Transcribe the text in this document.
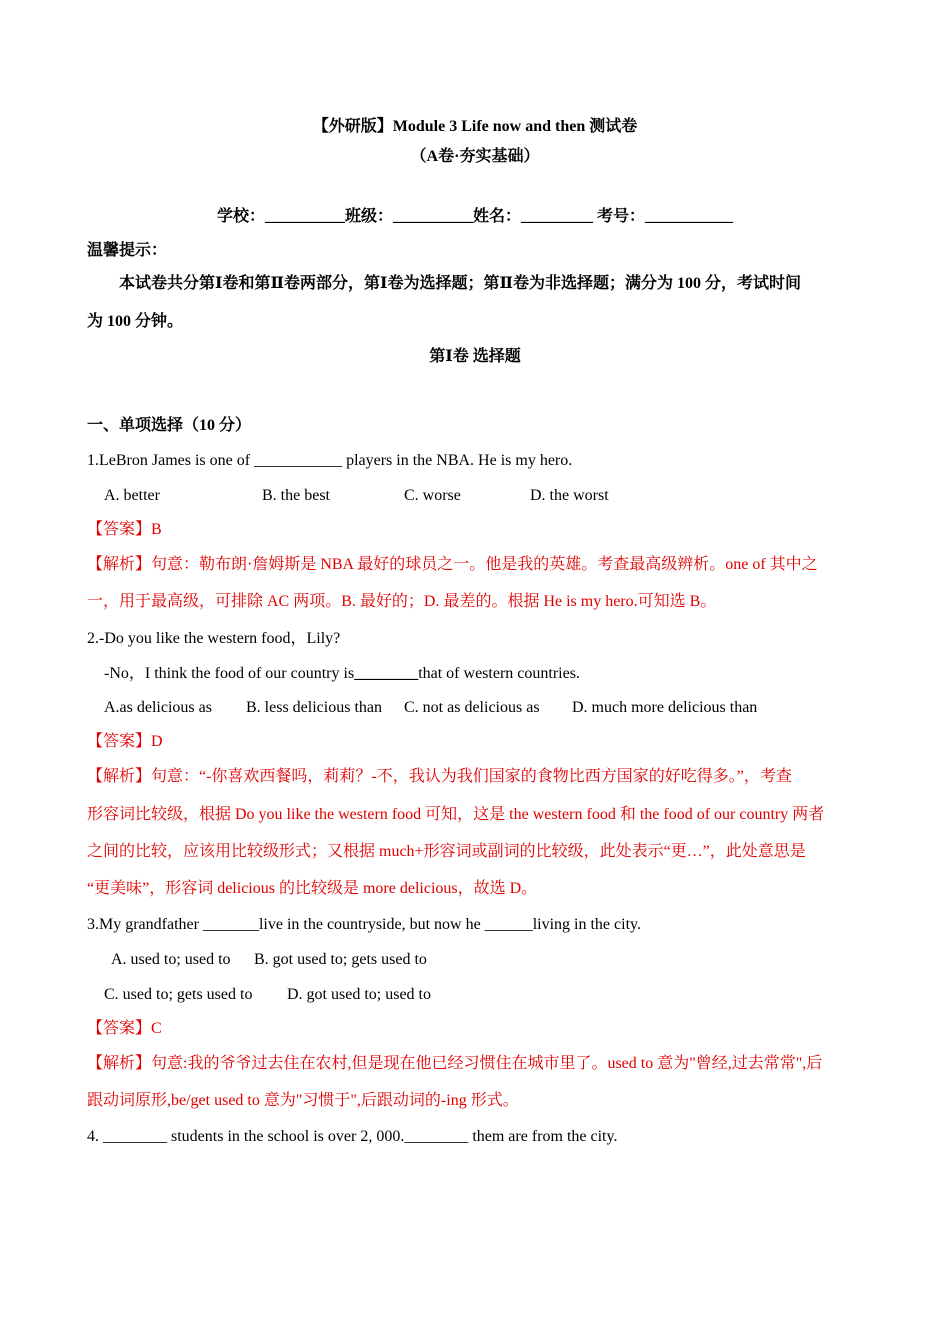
【外研版】Module 3 Life now and then 测试卷
（A卷·夯实基础）
学校：__________班级：__________姓名：_________ 考号：___________
温馨提示：
本试卷共分第Ⅰ卷和第Ⅱ卷两部分，第Ⅰ卷为选择题；第Ⅱ卷为非选择题；满分为 100 分，考试时间
为 100 分钟。
第Ⅰ卷 选择题
一、单项选择（10 分）
1.LeBron James is one of ___________ players in the NBA. He is my hero.
A. better	B. the best	C. worse	D. the worst
【答案】B
【解析】句意：勒布朗·詹姆斯是 NBA 最好的球员之一。他是我的英雄。考查最高级辨析。one of 其中之
一，用于最高级，可排除 AC 两项。B. 最好的；D. 最差的。根据 He is my hero.可知选 B。
2.-Do you like the western food，Lily?
-No，I think the food of our country is________that of western countries.
A.as delicious as B. less delicious than C. not as delicious as D. much more delicious than
【答案】D
【解析】句意：“-你喜欢西餐吗，莉莉？-不，我认为我们国家的食物比西方国家的好吃得多。”，考查
形容词比较级，根据 Do you like the western food 可知，这是 the western food 和 the food of our country 两者
之间的比较，应该用比较级形式；又根据 much+形容词或副词的比较级，此处表示“更…”，此处意思是
“更美味”，形容词 delicious 的比较级是 more delicious，故选 D。
3.My grandfather _______live in the countryside, but now he ______living in the city.
A. used to; used to B. got used to; gets used to
C. used to; gets used to D. got used to; used to
【答案】C
【解析】句意:我的爷爷过去住在农村,但是现在他已经习惯住在城市里了。used to 意为"曾经,过去常常",后
跟动词原形,be/get used to 意为"习惯于",后跟动词的-ing 形式。
4. ________ students in the school is over 2, 000.________ them are from the city.
